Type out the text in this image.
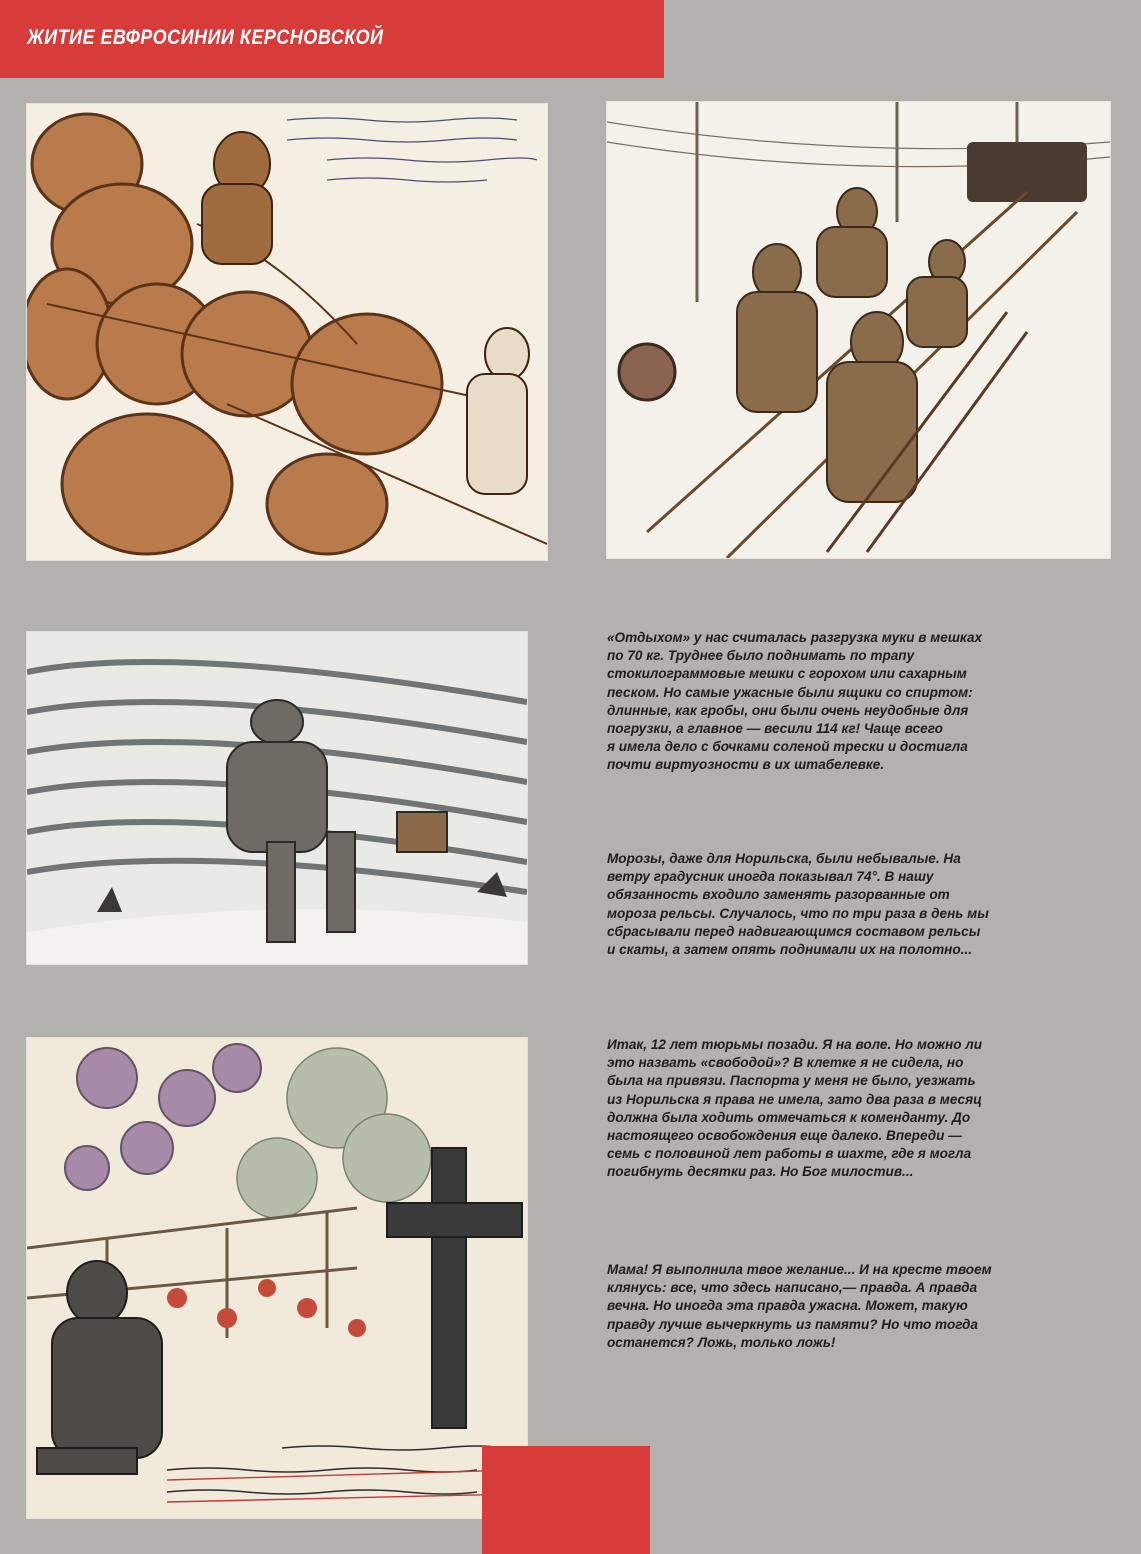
ЖИТИЕ ЕВФРОСИНИИ КЕРСНОВСКОЙ

«Отдыхом» у нас считалась разгрузка муки в мешках
по 70 кг. Труднее было поднимать по трапу
стокилограммовые мешки с горохом или сахарным
песком. Но самые ужасные были ящики со спиртом:
длинные, как гробы, они были очень неудобные для
погрузки, а главное — весили 114 кг! Чаще всего
я имела дело с бочками соленой трески и достигла
почти виртуозности в их штабелевке.

Морозы, даже для Норильска, были небывалые. На
ветру градусник иногда показывал 74°. В нашу
обязанность входило заменять разорванные от
мороза рельсы. Случалось, что по три раза в день мы
сбрасывали перед надвигающимся составом рельсы
и скаты, а затем опять поднимали их на полотно...

Итак, 12 лет тюрьмы позади. Я на воле. Но можно ли
это назвать «свободой»? В клетке я не сидела, но
была на привязи. Паспорта у меня не было, уезжать
из Норильска я права не имела, зато два раза в месяц
должна была ходить отмечаться к коменданту. До
настоящего освобождения еще далеко. Впереди —
семь с половиной лет работы в шахте, где я могла
погибнуть десятки раз. Но Бог милостив...

Мама! Я выполнила твое желание... И на кресте твоем
клянусь: все, что здесь написано,— правда. А правда
вечна. Но иногда эта правда ужасна. Может, такую
правду лучше вычеркнуть из памяти? Но что тогда
останется? Ложь, только ложь!
